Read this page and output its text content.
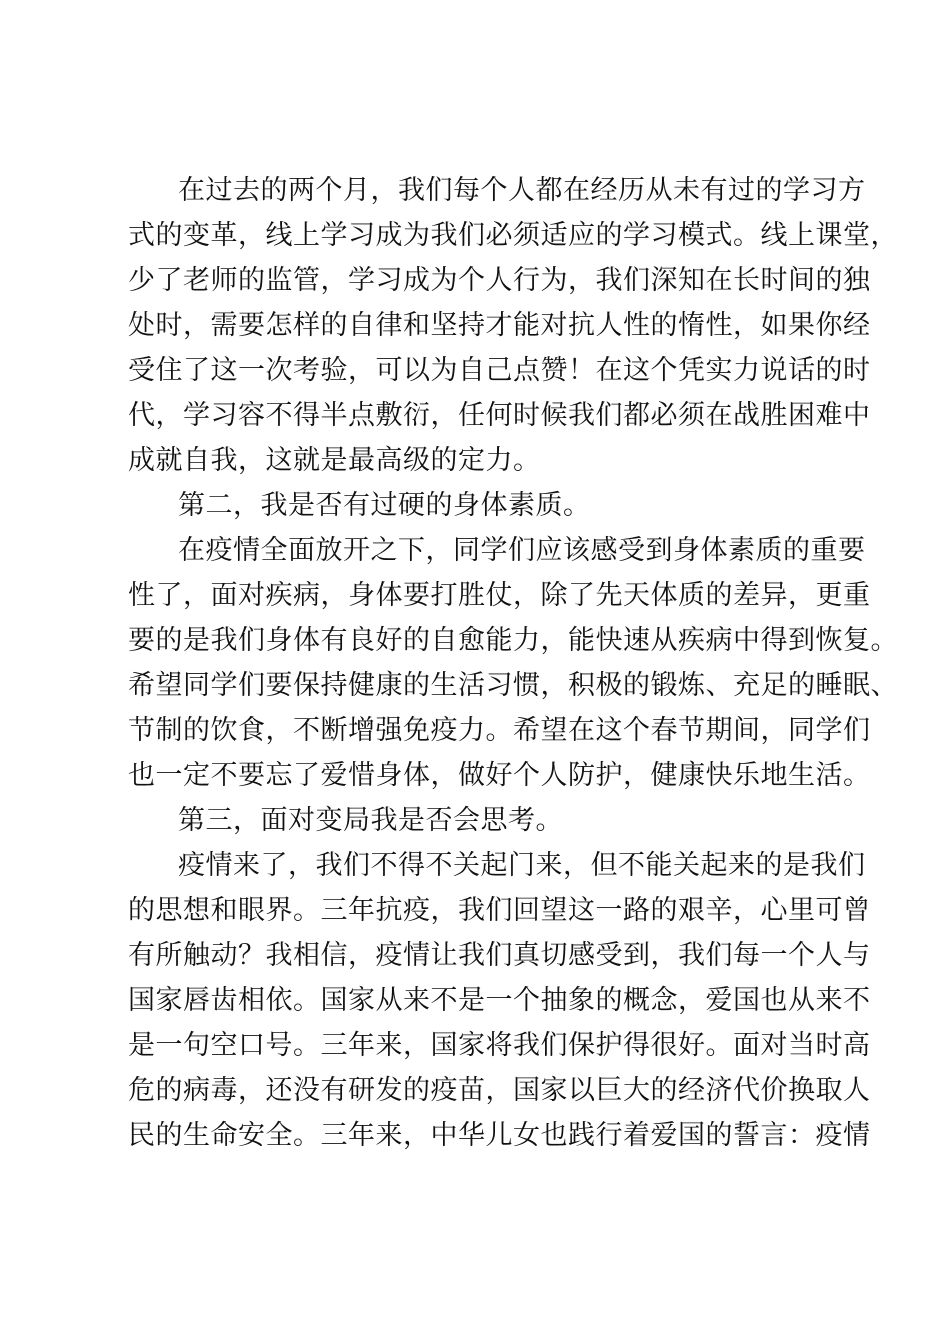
在过去的两个月，我们每个人都在经历从未有过的学习方
式的变革，线上学习成为我们必须适应的学习模式。线上课堂，
少了老师的监管，学习成为个人行为，我们深知在长时间的独
处时，需要怎样的自律和坚持才能对抗人性的惰性，如果你经
受住了这一次考验，可以为自己点赞！在这个凭实力说话的时
代，学习容不得半点敷衍，任何时候我们都必须在战胜困难中
成就自我，这就是最高级的定力。
第二，我是否有过硬的身体素质。
在疫情全面放开之下，同学们应该感受到身体素质的重要
性了，面对疾病，身体要打胜仗，除了先天体质的差异，更重
要的是我们身体有良好的自愈能力，能快速从疾病中得到恢复。
希望同学们要保持健康的生活习惯，积极的锻炼、充足的睡眠、
节制的饮食，不断增强免疫力。希望在这个春节期间，同学们
也一定不要忘了爱惜身体，做好个人防护，健康快乐地生活。
第三，面对变局我是否会思考。
疫情来了，我们不得不关起门来，但不能关起来的是我们
的思想和眼界。三年抗疫，我们回望这一路的艰辛，心里可曾
有所触动？我相信，疫情让我们真切感受到，我们每一个人与
国家唇齿相依。国家从来不是一个抽象的概念，爱国也从来不
是一句空口号。三年来，国家将我们保护得很好。面对当时高
危的病毒，还没有研发的疫苗，国家以巨大的经济代价换取人
民的生命安全。三年来，中华儿女也践行着爱国的誓言：疫情
